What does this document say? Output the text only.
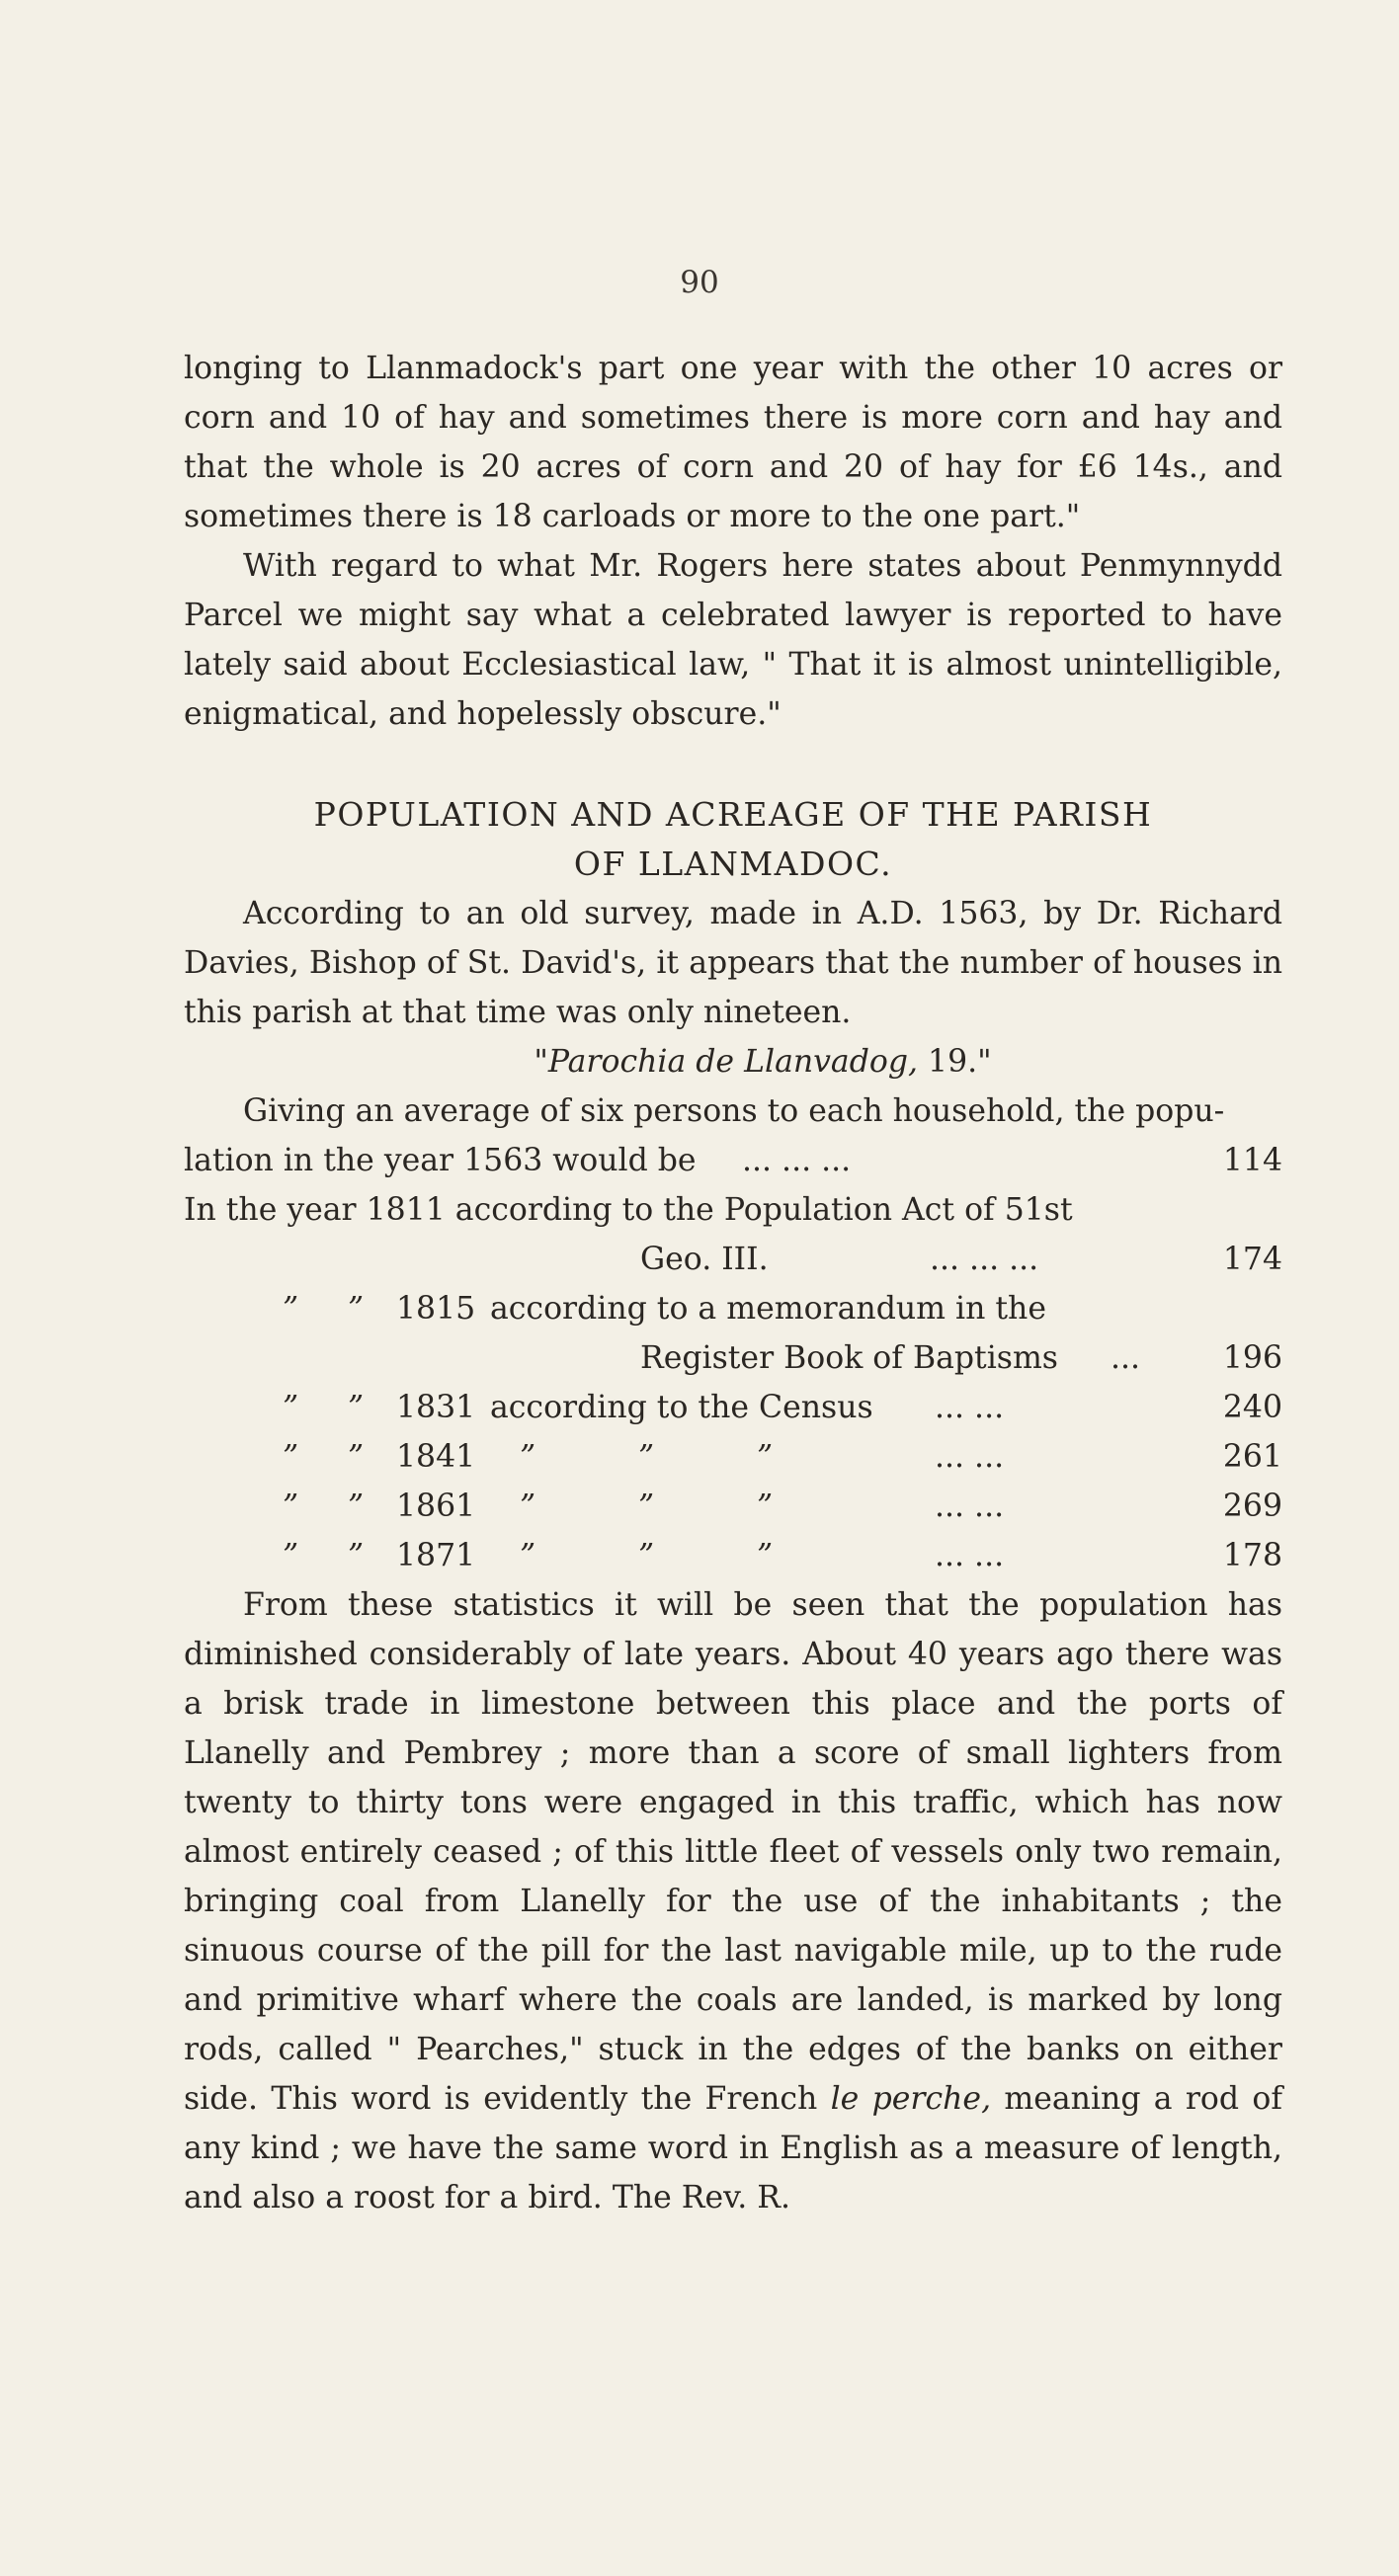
90

longing to Llanmadock's part one year with the other 10 acres or corn and 10 of hay and sometimes there is more corn and hay and that the whole is 20 acres of corn and 20 of hay for £6 14s., and sometimes there is 18 carloads or more to the one part."

With regard to what Mr. Rogers here states about Penmynnydd Parcel we might say what a celebrated lawyer is reported to have lately said about Ecclesiastical law, " That it is almost unintelligible, enigmatical, and hopelessly obscure."

POPULATION AND ACREAGE OF THE PARISH
OF LLANMADOC.

According to an old survey, made in A.D. 1563, by Dr. Richard Davies, Bishop of St. David's, it appears that the number of houses in this parish at that time was only nineteen.

"Parochia de Llanvadog, 19."

Giving an average of six persons to each household, the popu-
lation in the year 1563 would be ... ... ...	114
In the year 1811 according to the Population Act of 51st
Geo. III.	... ... ...	174
” ” 1815 according to a memorandum in the
Register Book of Baptisms ...	196
” ” 1831 according to the Census ... ...	240
” ” 1841 ”	”	”	... ...	261
” ” 1861 ”	”	”	... ...	269
” ” 1871 ”	”	”	... ...	178

From these statistics it will be seen that the population has diminished considerably of late years. About 40 years ago there was a brisk trade in limestone between this place and the ports of Llanelly and Pembrey ; more than a score of small lighters from twenty to thirty tons were engaged in this traffic, which has now almost entirely ceased ; of this little fleet of vessels only two remain, bringing coal from Llanelly for the use of the inhabitants ; the sinuous course of the pill for the last navigable mile, up to the rude and primitive wharf where the coals are landed, is marked by long rods, called " Pearches," stuck in the edges of the banks on either side. This word is evidently the French le perche, meaning a rod of any kind ; we have the same word in English as a measure of length, and also a roost for a bird. The Rev. R.
